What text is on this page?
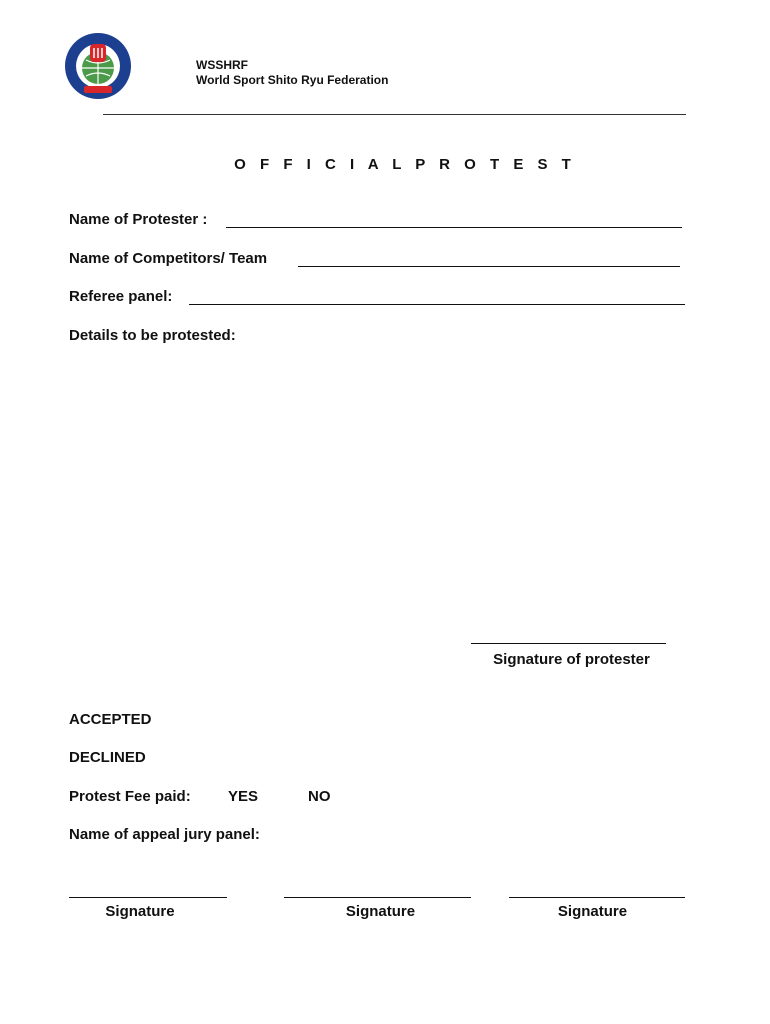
WSSHRF
World Sport Shito Ryu Federation
O F F I C I A L P R O T E S T
Name of Protester :
Name of Competitors/ Team
Referee panel:
Details to be protested:
Signature of protester
ACCEPTED
DECLINED
Protest Fee paid: YES	NO
Name of appeal jury panel:
Signature	Signature	Signature
